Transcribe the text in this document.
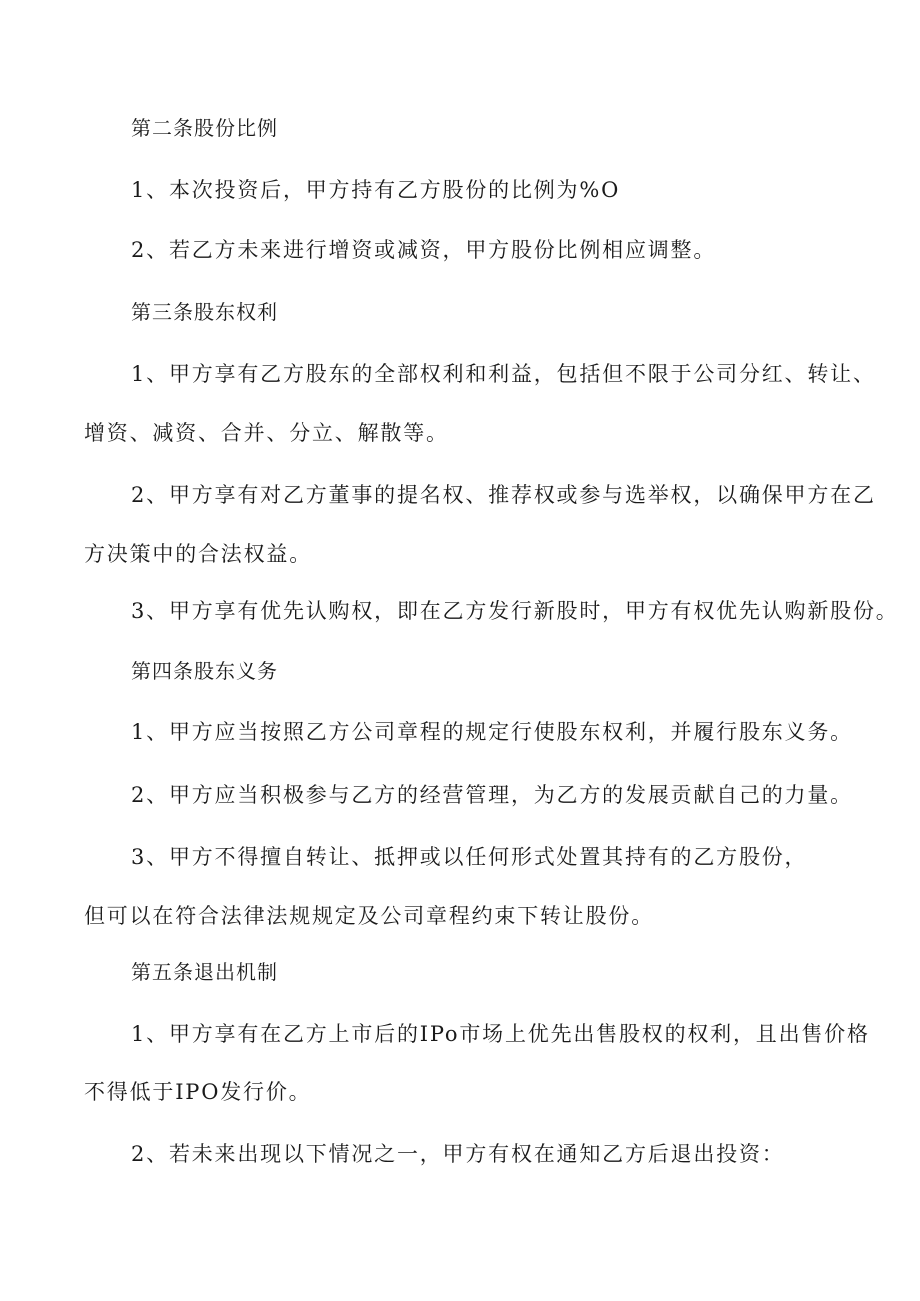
第二条股份比例
1、本次投资后，甲方持有乙方股份的比例为%O
2、若乙方未来进行增资或减资，甲方股份比例相应调整。
第三条股东权利
1、甲方享有乙方股东的全部权利和利益，包括但不限于公司分红、转让、
增资、减资、合并、分立、解散等。
2、甲方享有对乙方董事的提名权、推荐权或参与选举权，以确保甲方在乙
方决策中的合法权益。
3、甲方享有优先认购权，即在乙方发行新股时，甲方有权优先认购新股份。
第四条股东义务
1、甲方应当按照乙方公司章程的规定行使股东权利，并履行股东义务。
2、甲方应当积极参与乙方的经营管理，为乙方的发展贡献自己的力量。
3、甲方不得擅自转让、抵押或以任何形式处置其持有的乙方股份，
但可以在符合法律法规规定及公司章程约束下转让股份。
第五条退出机制
1、甲方享有在乙方上市后的IPo市场上优先出售股权的权利，且出售价格
不得低于IPO发行价。
2、若未来出现以下情况之一，甲方有权在通知乙方后退出投资：
